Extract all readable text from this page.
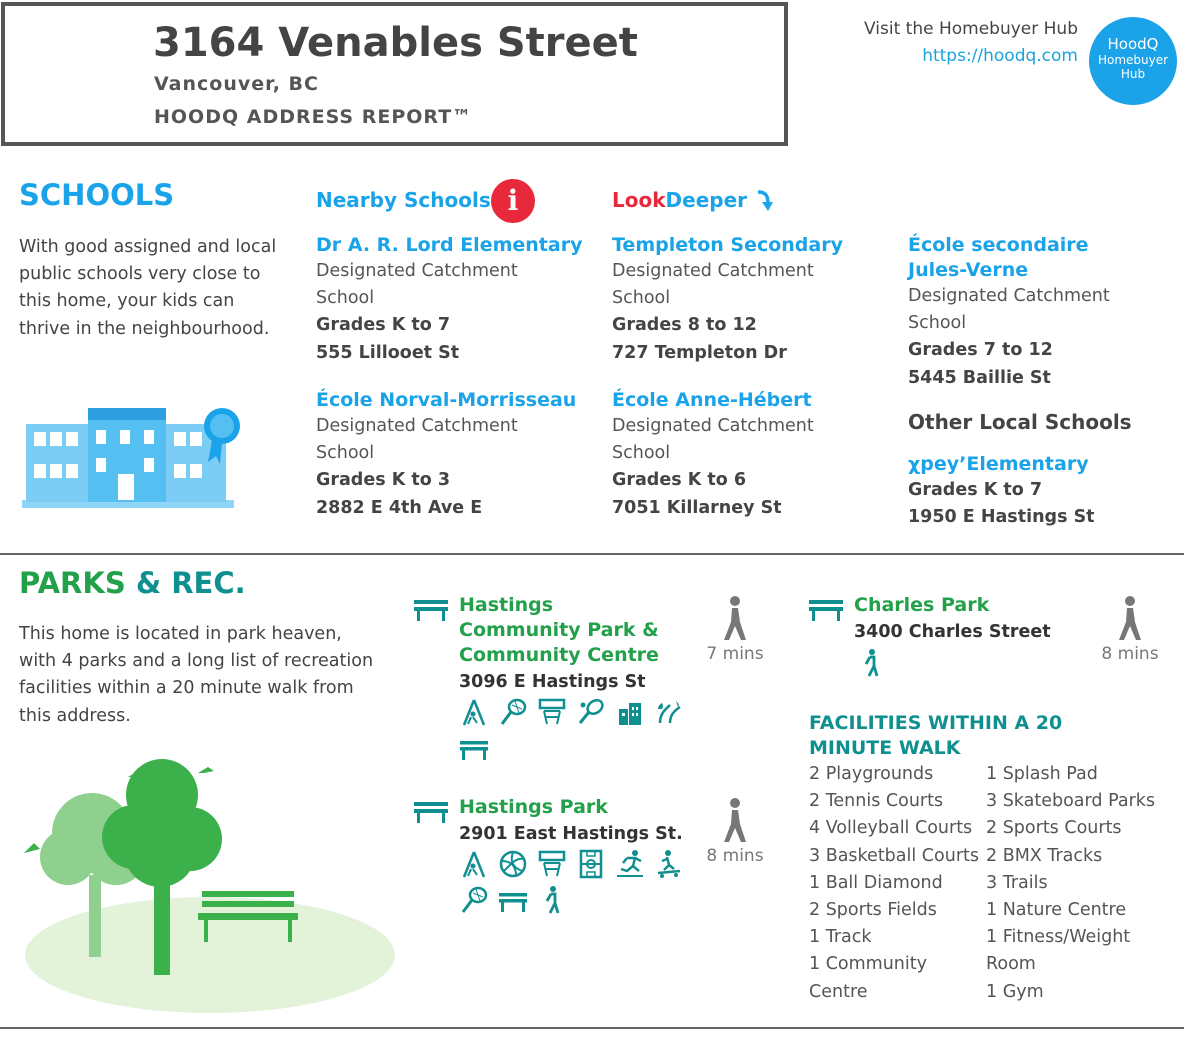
3164 Venables Street
Vancouver, BC
HOODQ ADDRESS REPORT™
Visit the Homebuyer Hub
https://hoodq.com
HoodQ
Homebuyer
Hub
SCHOOLS
With good assigned and local public schools very close to this home, your kids can thrive in the neighbourhood.
Nearby Schools i	LookDeeper
Dr A. R. Lord Elementary
Designated Catchment School
Grades K to 7
555 Lillooet St
Templeton Secondary
Designated Catchment School
Grades 8 to 12
727 Templeton Dr
École secondaire Jules-Verne
Designated Catchment School
Grades 7 to 12
5445 Baillie St
École Norval-Morrisseau
Designated Catchment School
Grades K to 3
2882 E 4th Ave E
École Anne-Hébert
Designated Catchment School
Grades K to 6
7051 Killarney St
Other Local Schools
χpey’Elementary
Grades K to 7
1950 E Hastings St
PARKS & REC.
This home is located in park heaven, with 4 parks and a long list of recreation facilities within a 20 minute walk from this address.
Hastings Community Park & Community Centre
3096 E Hastings St
7 mins
Hastings Park
2901 East Hastings St.
8 mins
Charles Park
3400 Charles Street
8 mins
FACILITIES WITHIN A 20 MINUTE WALK
2 Playgrounds
2 Tennis Courts
4 Volleyball Courts
3 Basketball Courts
1 Ball Diamond
2 Sports Fields
1 Track
1 Community Centre
1 Splash Pad
3 Skateboard Parks
2 Sports Courts
2 BMX Tracks
3 Trails
1 Nature Centre
1 Fitness/Weight Room
1 Gym
